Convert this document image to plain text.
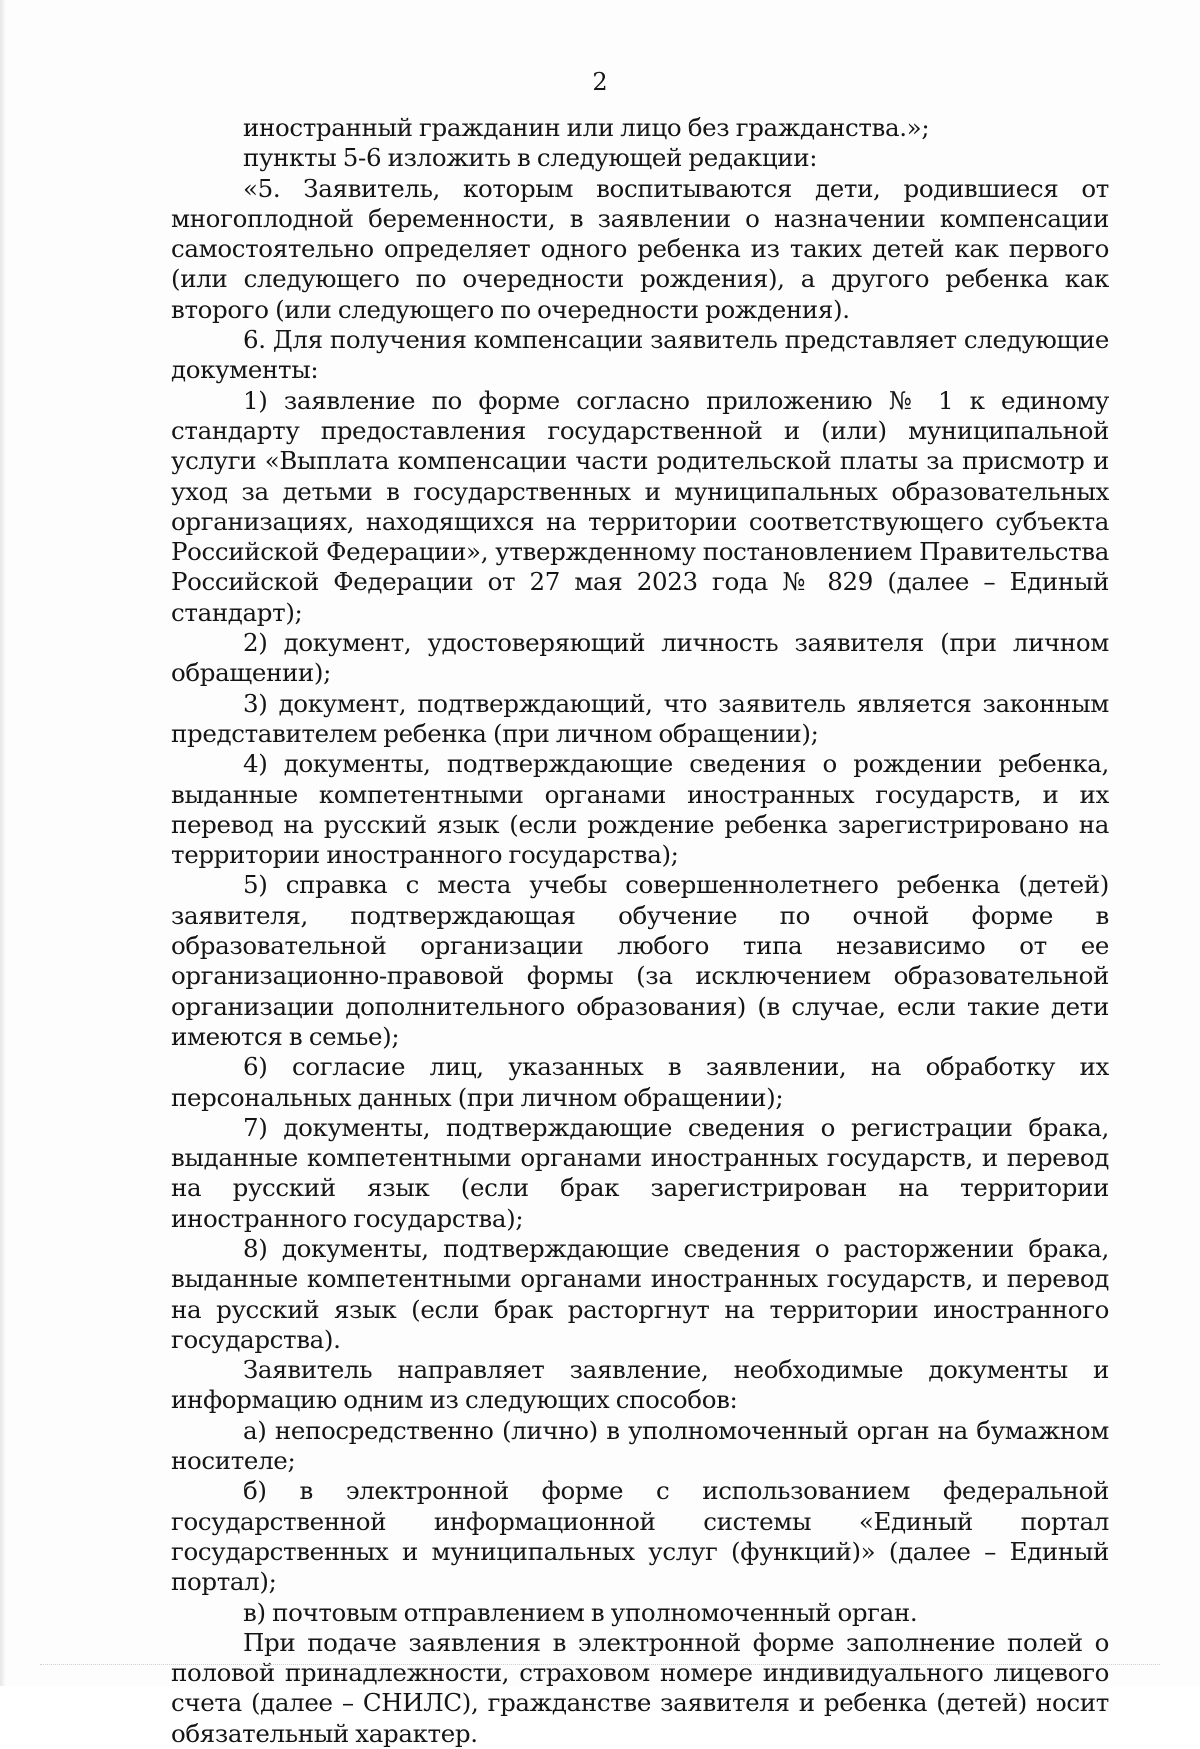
2

иностранный гражданин или лицо без гражданства.»;

пункты 5-6 изложить в следующей редакции:

«5. Заявитель, которым воспитываются дети, родившиеся от многоплодной беременности, в заявлении о назначении компенсации самостоятельно определяет одного ребенка из таких детей как первого (или следующего по очередности рождения), а другого ребенка как второго (или следующего по очередности рождения).

6. Для получения компенсации заявитель представляет следующие документы:

1) заявление по форме согласно приложению № 1 к единому стандарту предоставления государственной и (или) муниципальной услуги «Выплата компенсации части родительской платы за присмотр и уход за детьми в государственных и муниципальных образовательных организациях, находящихся на территории соответствующего субъекта Российской Федерации», утвержденному постановлением Правительства Российской Федерации от 27 мая 2023 года № 829 (далее – Единый стандарт);

2) документ, удостоверяющий личность заявителя (при личном обращении);

3) документ, подтверждающий, что заявитель является законным представителем ребенка (при личном обращении);

4) документы, подтверждающие сведения о рождении ребенка, выданные компетентными органами иностранных государств, и их перевод на русский язык (если рождение ребенка зарегистрировано на территории иностранного государства);

5) справка с места учебы совершеннолетнего ребенка (детей) заявителя, подтверждающая обучение по очной форме в образовательной организации любого типа независимо от ее организационно-правовой формы (за исключением образовательной организации дополнительного образования) (в случае, если такие дети имеются в семье);

6) согласие лиц, указанных в заявлении, на обработку их персональных данных (при личном обращении);

7) документы, подтверждающие сведения о регистрации брака, выданные компетентными органами иностранных государств, и перевод на русский язык (если брак зарегистрирован на территории иностранного государства);

8) документы, подтверждающие сведения о расторжении брака, выданные компетентными органами иностранных государств, и перевод на русский язык (если брак расторгнут на территории иностранного государства).

Заявитель направляет заявление, необходимые документы и информацию одним из следующих способов:

а) непосредственно (лично) в уполномоченный орган на бумажном носителе;

б) в электронной форме с использованием федеральной государственной информационной системы «Единый портал государственных и муниципальных услуг (функций)» (далее – Единый портал);

в) почтовым отправлением в уполномоченный орган.

При подаче заявления в электронной форме заполнение полей о половой принадлежности, страховом номере индивидуального лицевого счета (далее – СНИЛС), гражданстве заявителя и ребенка (детей) носит обязательный характер.
